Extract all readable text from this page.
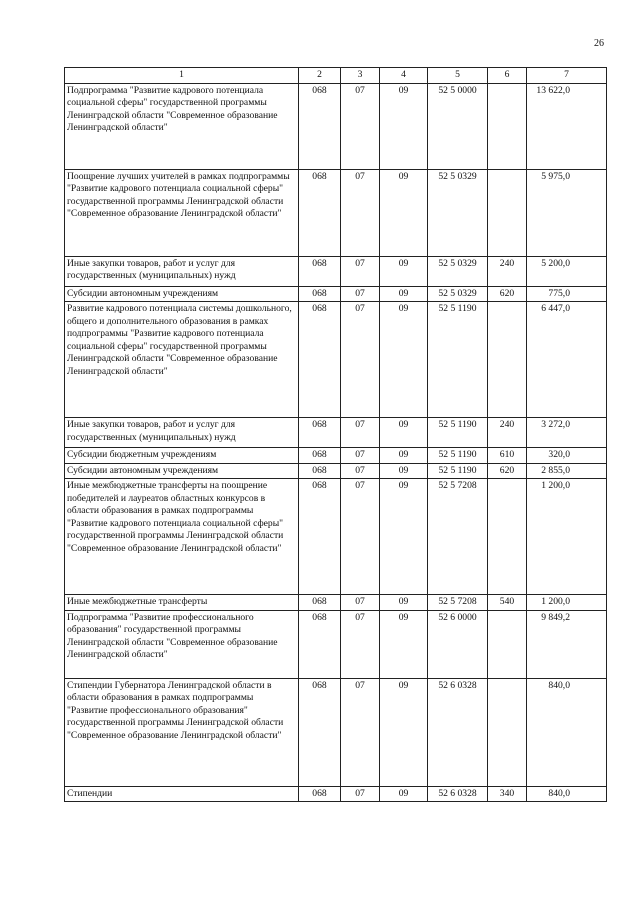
26
1	2	3	4	5	6	7
Подпрограмма "Развитие кадрового потенциала социальной сферы" государственной программы Ленинградской области "Современное образование Ленинградской области"	068	07	09	52 5 0000		13 622,0
Поощрение лучших учителей в рамках подпрограммы "Развитие кадрового потенциала социальной сферы" государственной программы Ленинградской области "Современное образование Ленинградской области"	068	07	09	52 5 0329		5 975,0
Иные закупки товаров, работ и услуг для государственных (муниципальных) нужд	068	07	09	52 5 0329	240	5 200,0
Субсидии автономным учреждениям	068	07	09	52 5 0329	620	775,0
Развитие кадрового потенциала системы дошкольного, общего и дополнительного образования в рамках подпрограммы "Развитие кадрового потенциала социальной сферы" государственной программы Ленинградской области "Современное образование Ленинградской области"	068	07	09	52 5 1190		6 447,0
Иные закупки товаров, работ и услуг для государственных (муниципальных) нужд	068	07	09	52 5 1190	240	3 272,0
Субсидии бюджетным учреждениям	068	07	09	52 5 1190	610	320,0
Субсидии автономным учреждениям	068	07	09	52 5 1190	620	2 855,0
Иные межбюджетные трансферты на поощрение победителей и лауреатов областных конкурсов в области образования в рамках подпрограммы "Развитие кадрового потенциала социальной сферы" государственной программы Ленинградской области "Современное образование Ленинградской области"	068	07	09	52 5 7208		1 200,0
Иные межбюджетные трансферты	068	07	09	52 5 7208	540	1 200,0
Подпрограмма "Развитие профессионального образования" государственной программы Ленинградской области "Современное образование Ленинградской области"	068	07	09	52 6 0000		9 849,2
Стипендии Губернатора Ленинградской области в области образования в рамках подпрограммы "Развитие профессионального образования" государственной программы Ленинградской области "Современное образование Ленинградской области"	068	07	09	52 6 0328		840,0
Стипендии	068	07	09	52 6 0328	340	840,0
